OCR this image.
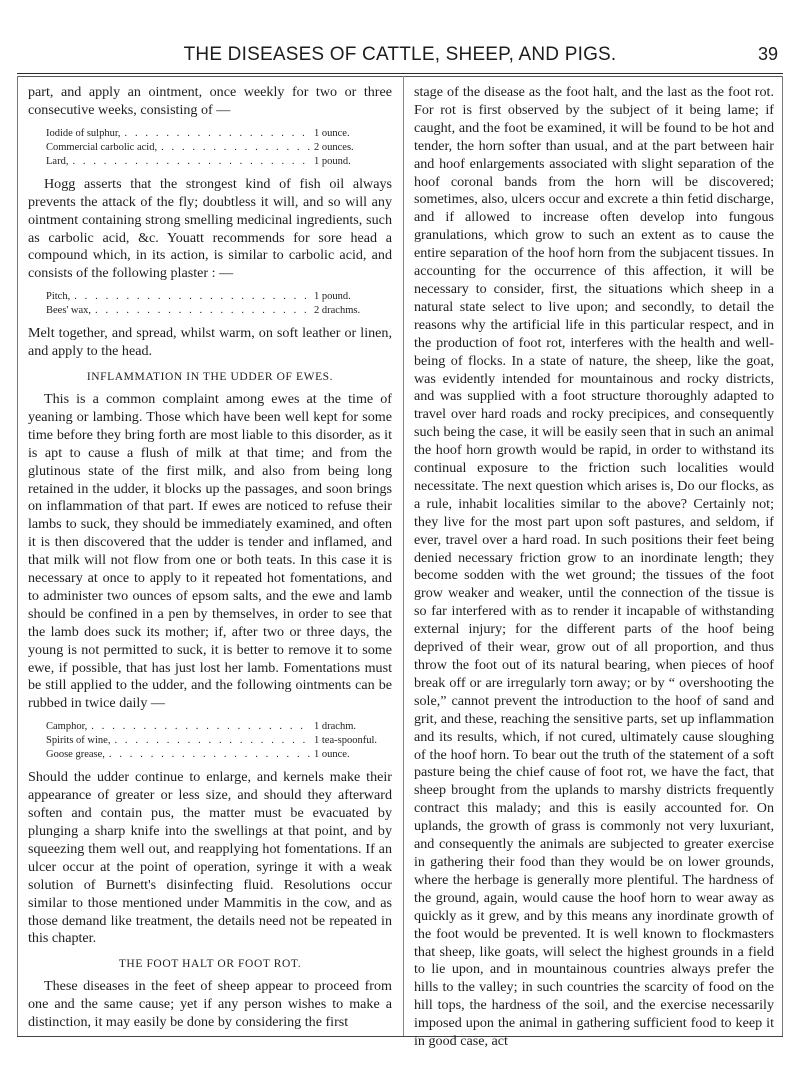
THE DISEASES OF CATTLE, SHEEP, AND PIGS.	39

part, and apply an ointment, once weekly for two or three consecutive weeks, consisting of —

Iodide of sulphur, . . .	1 ounce.
Commercial carbolic acid, . . .	2 ounces.
Lard, . . .	1 pound.

Hogg asserts that the strongest kind of fish oil always prevents the attack of the fly; doubtless it will, and so will any ointment containing strong smelling medicinal ingredients, such as carbolic acid, &c. Youatt recommends for sore head a compound which, in its action, is similar to carbolic acid, and consists of the following plaster : —

Pitch, . . .	1 pound.
Bees' wax, . . .	2 drachms.

Melt together, and spread, whilst warm, on soft leather or linen, and apply to the head.

INFLAMMATION IN THE UDDER OF EWES.

This is a common complaint among ewes at the time of yeaning or lambing. Those which have been well kept for some time before they bring forth are most liable to this disorder, as it is apt to cause a flush of milk at that time; and from the glutinous state of the first milk, and also from being long retained in the udder, it blocks up the passages, and soon brings on inflammation of that part. If ewes are noticed to refuse their lambs to suck, they should be immediately examined, and often it is then discovered that the udder is tender and inflamed, and that milk will not flow from one or both teats. In this case it is necessary at once to apply to it repeated hot fomentations, and to administer two ounces of epsom salts, and the ewe and lamb should be confined in a pen by themselves, in order to see that the lamb does suck its mother; if, after two or three days, the young is not permitted to suck, it is better to remove it to some ewe, if possible, that has just lost her lamb. Fomentations must be still applied to the udder, and the following ointments can be rubbed in twice daily —

Camphor, . . .	1 drachm.
Spirits of wine, . . .	1 tea-spoonful.
Goose grease, . . .	1 ounce.

Should the udder continue to enlarge, and kernels make their appearance of greater or less size, and should they afterward soften and contain pus, the matter must be evacuated by plunging a sharp knife into the swellings at that point, and by squeezing them well out, and reapplying hot fomentations. If an ulcer occur at the point of operation, syringe it with a weak solution of Burnett's disinfecting fluid. Resolutions occur similar to those mentioned under Mammitis in the cow, and as those demand like treatment, the details need not be repeated in this chapter.

THE FOOT HALT OR FOOT ROT.

These diseases in the feet of sheep appear to proceed from one and the same cause; yet if any person wishes to make a distinction, it may easily be done by considering the first

stage of the disease as the foot halt, and the last as the foot rot. For rot is first observed by the subject of it being lame; if caught, and the foot be examined, it will be found to be hot and tender, the horn softer than usual, and at the part between hair and hoof enlargements associated with slight separation of the hoof coronal bands from the horn will be discovered; sometimes, also, ulcers occur and excrete a thin fetid discharge, and if allowed to increase often develop into fungous granulations, which grow to such an extent as to cause the entire separation of the hoof horn from the subjacent tissues. In accounting for the occurrence of this affection, it will be necessary to consider, first, the situations which sheep in a natural state select to live upon; and secondly, to detail the reasons why the artificial life in this particular respect, and in the production of foot rot, interferes with the health and well-being of flocks. In a state of nature, the sheep, like the goat, was evidently intended for mountainous and rocky districts, and was supplied with a foot structure thoroughly adapted to travel over hard roads and rocky precipices, and consequently such being the case, it will be easily seen that in such an animal the hoof horn growth would be rapid, in order to withstand its continual exposure to the friction such localities would necessitate. The next question which arises is, Do our flocks, as a rule, inhabit localities similar to the above? Certainly not; they live for the most part upon soft pastures, and seldom, if ever, travel over a hard road. In such positions their feet being denied necessary friction grow to an inordinate length; they become sodden with the wet ground; the tissues of the foot grow weaker and weaker, until the connection of the tissue is so far interfered with as to render it incapable of withstanding external injury; for the different parts of the hoof being deprived of their wear, grow out of all proportion, and thus throw the foot out of its natural bearing, when pieces of hoof break off or are irregularly torn away; or by “ overshooting the sole,” cannot prevent the introduction to the hoof of sand and grit, and these, reaching the sensitive parts, set up inflammation and its results, which, if not cured, ultimately cause sloughing of the hoof horn. To bear out the truth of the statement of a soft pasture being the chief cause of foot rot, we have the fact, that sheep brought from the uplands to marshy districts frequently contract this malady; and this is easily accounted for. On uplands, the growth of grass is commonly not very luxuriant, and consequently the animals are subjected to greater exercise in gathering their food than they would be on lower grounds, where the herbage is generally more plentiful. The hardness of the ground, again, would cause the hoof horn to wear away as quickly as it grew, and by this means any inordinate growth of the foot would be prevented. It is well known to flockmasters that sheep, like goats, will select the highest grounds in a field to lie upon, and in mountainous countries always prefer the hills to the valley; in such countries the scarcity of food on the hill tops, the hardness of the soil, and the exercise necessarily imposed upon the animal in gathering sufficient food to keep it in good case, act
